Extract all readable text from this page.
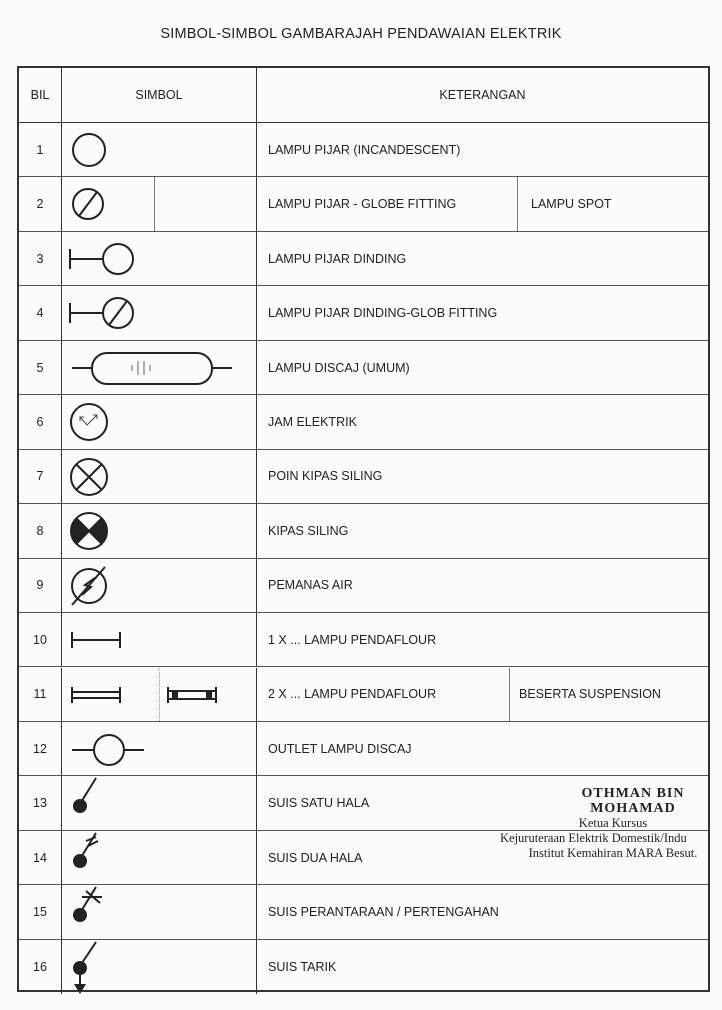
SIMBOL-SIMBOL GAMBARAJAH PENDAWAIAN ELEKTRIK
BIL	SIMBOL	KETERANGAN
1	LAMPU PIJAR (INCANDESCENT)
2	LAMPU PIJAR - GLOBE FITTING	LAMPU SPOT
3	LAMPU PIJAR DINDING
4	LAMPU PIJAR DINDING-GLOB FITTING
5	LAMPU DISCAJ (UMUM)
6	JAM ELEKTRIK
7	POIN KIPAS SILING
8	KIPAS SILING
9	PEMANAS AIR
10	1 X ... LAMPU PENDAFLOUR
11	2 X ... LAMPU PENDAFLOUR	BESERTA SUSPENSION
12	OUTLET LAMPU DISCAJ
13	SUIS SATU HALA
14	SUIS DUA HALA
15	SUIS PERANTARAAN / PERTENGAHAN
16	SUIS TARIK
OTHMAN BIN MOHAMAD
Ketua Kursus
Kejuruteraan Elektrik Domestik/Indu
Institut Kemahiran MARA Besut.
